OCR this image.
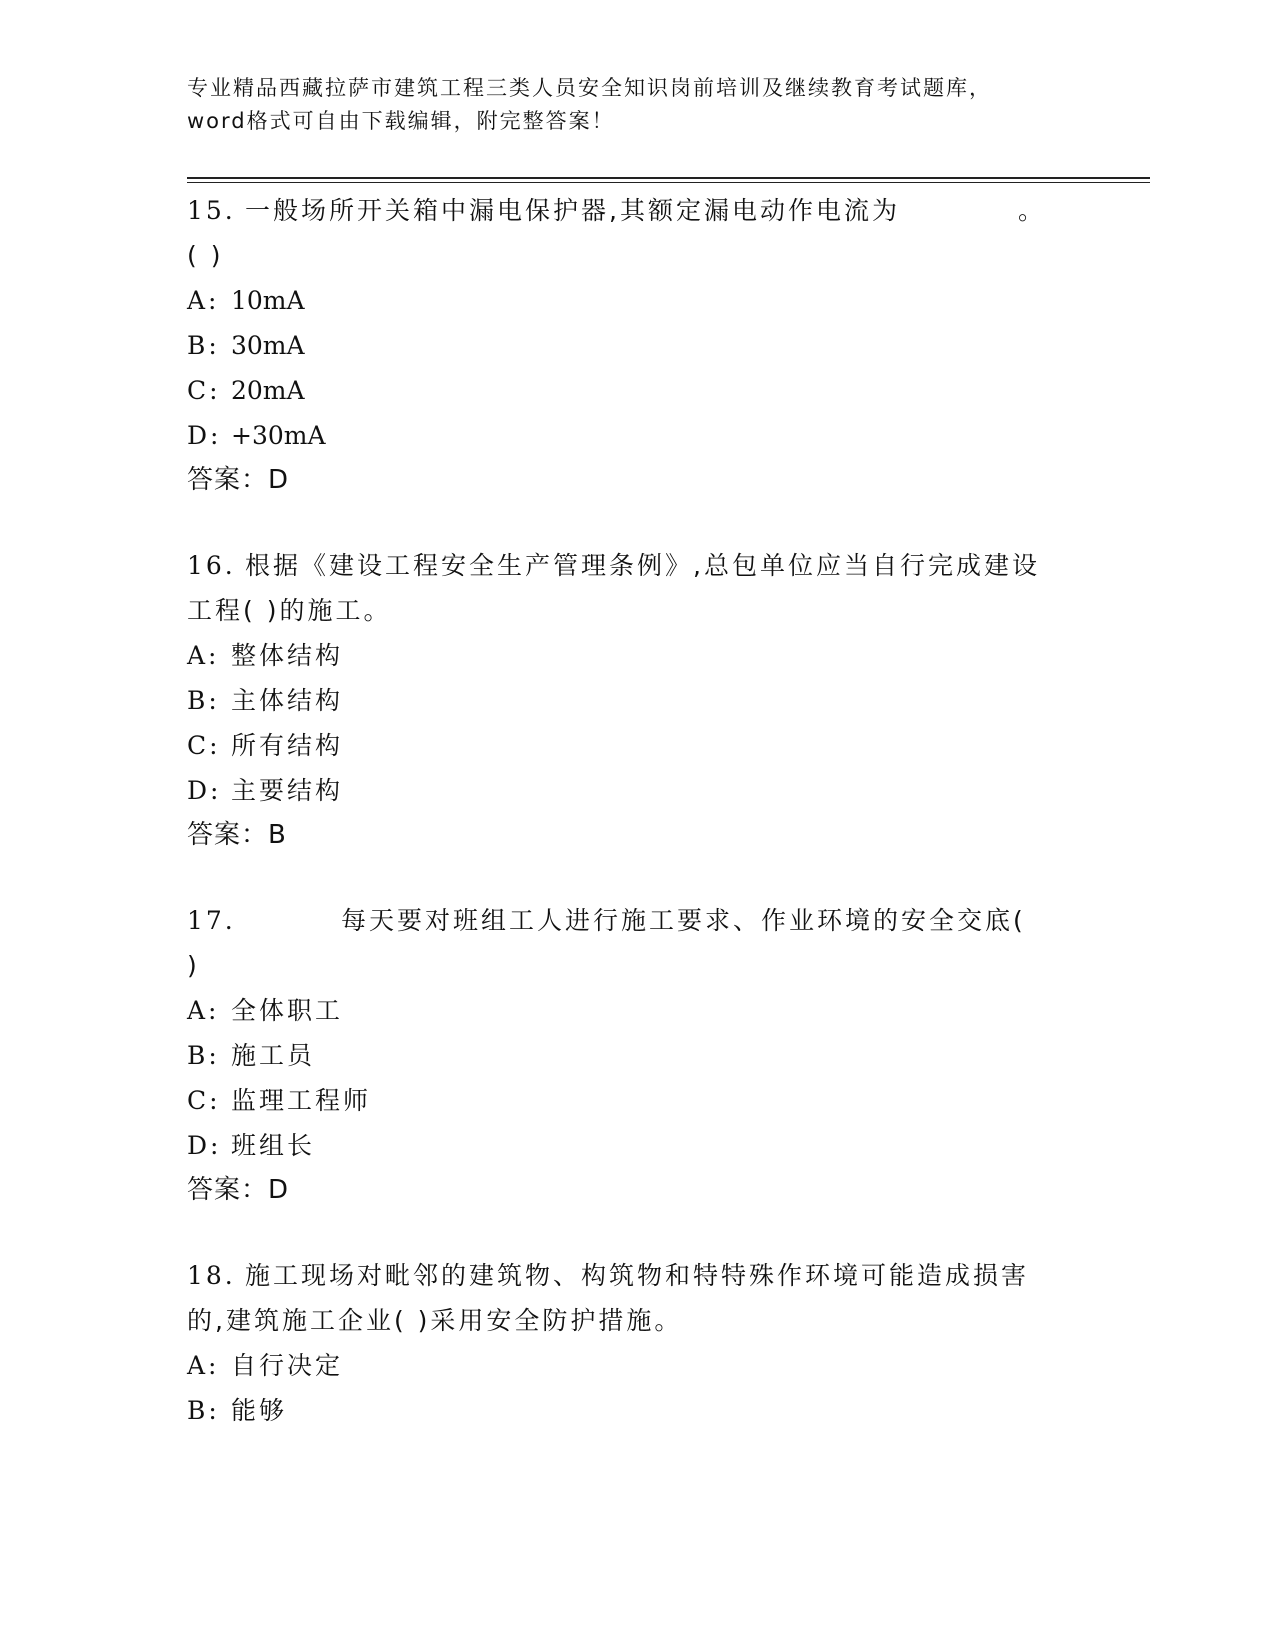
专业精品西藏拉萨市建筑工程三类人员安全知识岗前培训及继续教育考试题库，
word格式可自由下载编辑，附完整答案！
15. 一般场所开关箱中漏电保护器,其额定漏电动作电流为	。
( )
A: 10mA
B: 30mA
C: 20mA
D: +30mA
答案：D
16. 根据《建设工程安全生产管理条例》,总包单位应当自行完成建设
工程( )的施工。
A: 整体结构
B: 主体结构
C: 所有结构
D: 主要结构
答案：B
17.	每天要对班组工人进行施工要求、作业环境的安全交底(
)
A: 全体职工
B: 施工员
C: 监理工程师
D: 班组长
答案：D
18. 施工现场对毗邻的建筑物、构筑物和特特殊作环境可能造成损害
的,建筑施工企业( )采用安全防护措施。
A: 自行决定
B: 能够
